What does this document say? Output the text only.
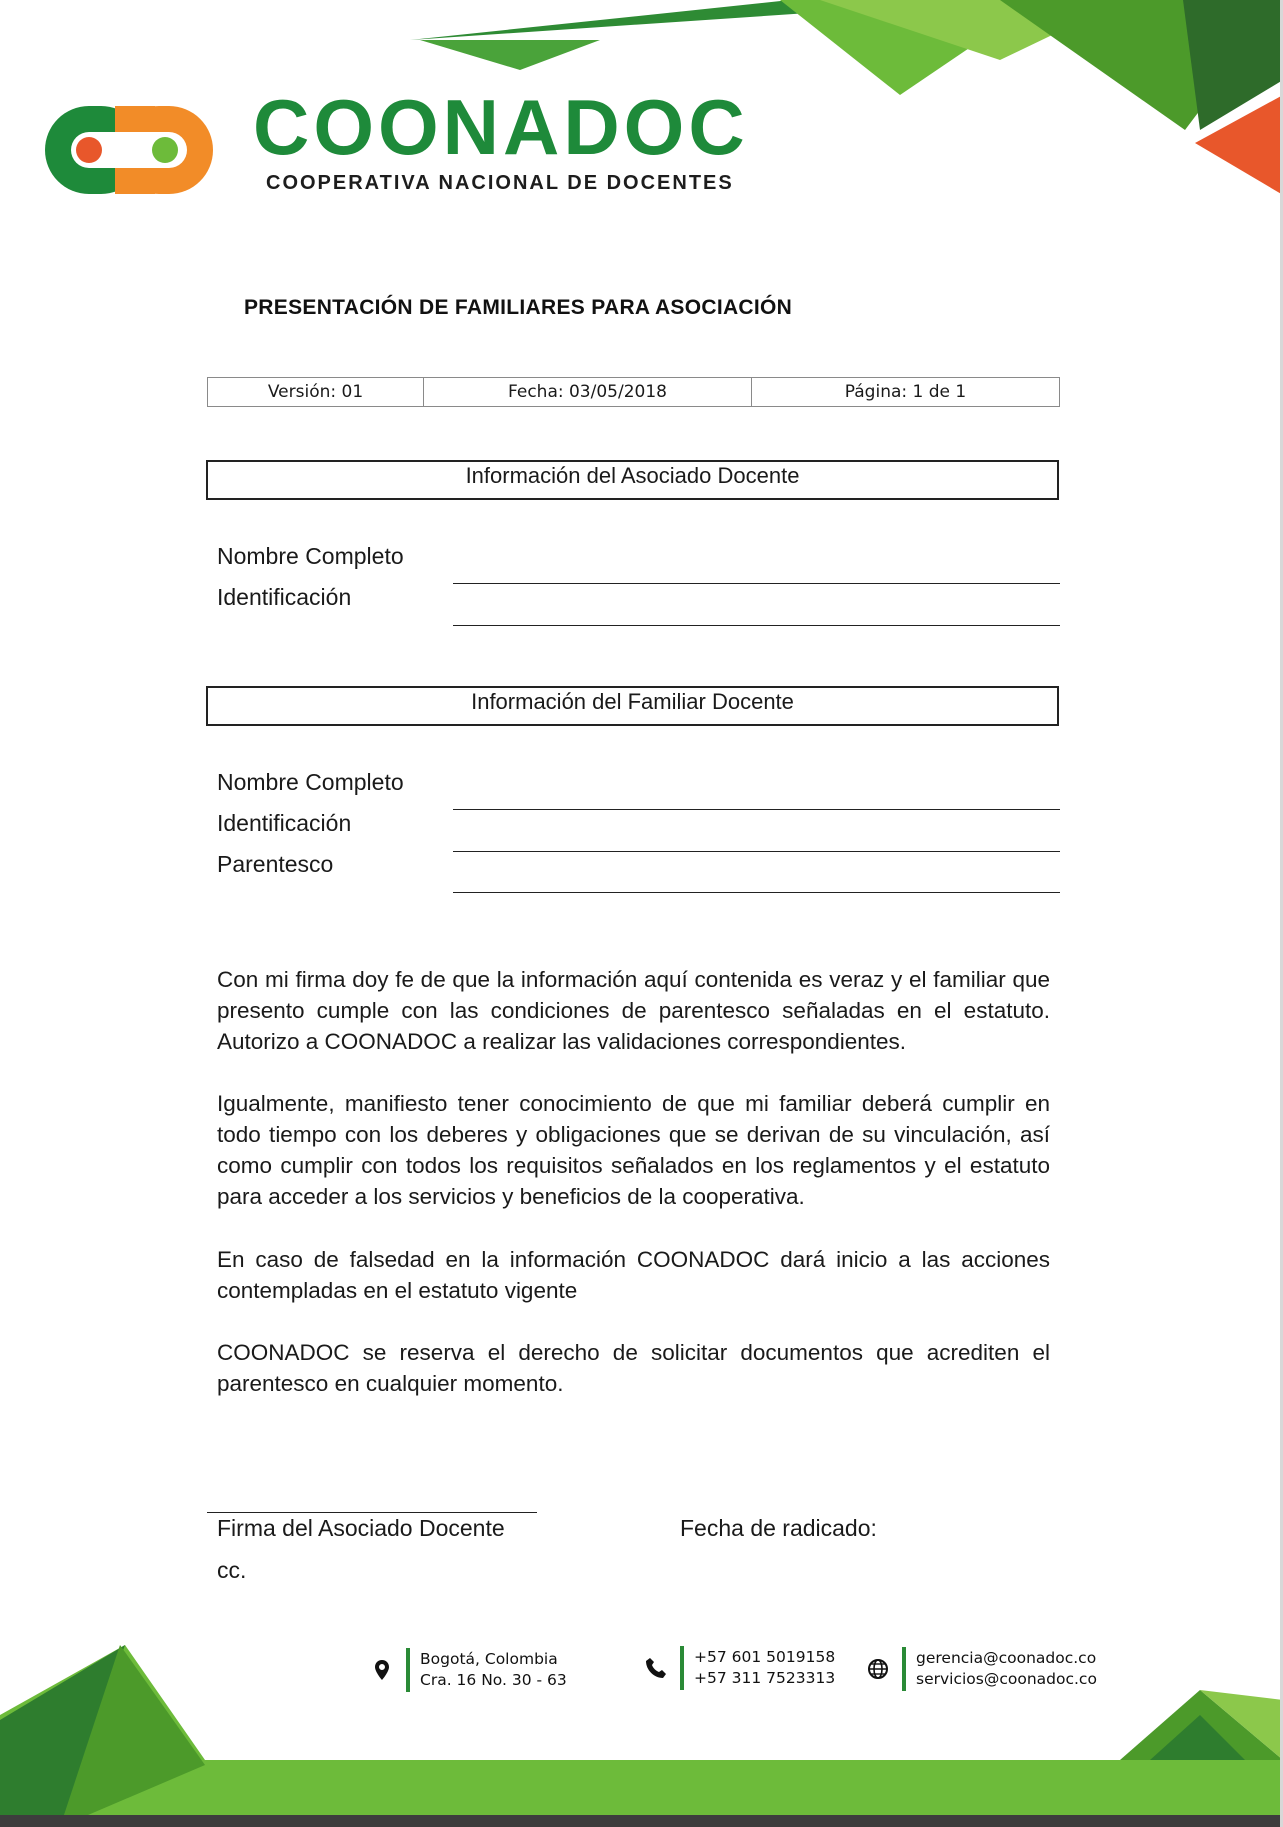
COONADOC
COOPERATIVA NACIONAL DE DOCENTES
PRESENTACIÓN DE FAMILIARES PARA ASOCIACIÓN
Versión: 01	Fecha: 03/05/2018	Página: 1 de 1
Información del Asociado Docente
Nombre Completo
Identificación
Información del Familiar Docente
Nombre Completo
Identificación
Parentesco
Con mi firma doy fe de que la información aquí contenida es veraz y el familiar que presento cumple con las condiciones de parentesco señaladas en el estatuto. Autorizo a COONADOC a realizar las validaciones correspondientes.
Igualmente, manifiesto tener conocimiento de que mi familiar deberá cumplir en todo tiempo con los deberes y obligaciones que se derivan de su vinculación, así como cumplir con todos los requisitos señalados en los reglamentos y el estatuto para acceder a los servicios y beneficios de la cooperativa.
En caso de falsedad en la información COONADOC dará inicio a las acciones contempladas en el estatuto vigente
COONADOC se reserva el derecho de solicitar documentos que acrediten el parentesco en cualquier momento.
Firma del Asociado Docente
cc.
Fecha de radicado:
Bogotá, Colombia
Cra. 16 No. 30 - 63
+57 601 5019158
+57 311 7523313
gerencia@coonadoc.co
servicios@coonadoc.co
